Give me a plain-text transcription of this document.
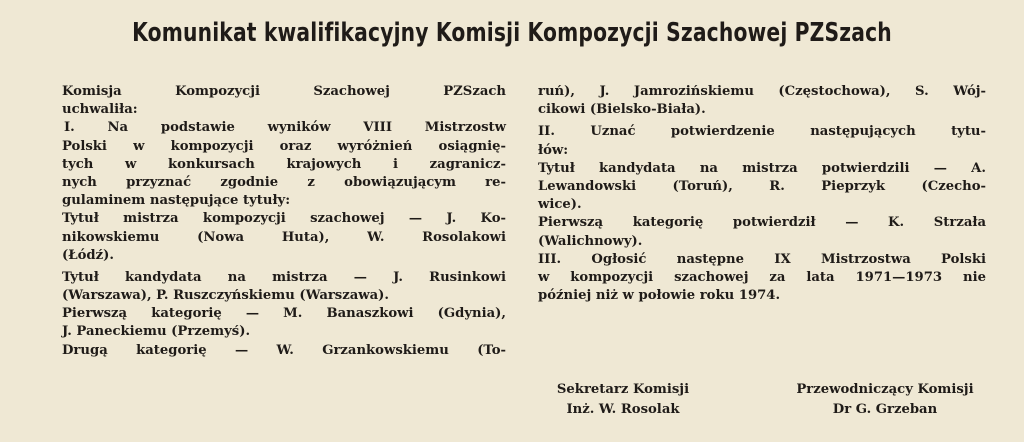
Komunikat kwalifikacyjny Komisji Kompozycji Szachowej PZSzach
Komisja Kompozycji Szachowej PZSzach
uchwaliła:
I. Na podstawie wyników VIII Mistrzostw
Polski w kompozycji oraz wyróżnień osiągnię-
tych w konkursach krajowych i zagranicz-
nych przyznać zgodnie z obowiązującym re-
gulaminem następujące tytuły:
Tytuł mistrza kompozycji szachowej — J. Ko-
nikowskiemu (Nowa Huta), W. Rosolakowi
(Łódź).
Tytuł kandydata na mistrza — J. Rusinkowi
(Warszawa), P. Ruszczyńskiemu (Warszawa).
Pierwszą kategorię — M. Banaszkowi (Gdynia),
J. Paneckiemu (Przemyś).
Drugą kategorię — W. Grzankowskiemu (To-
ruń), J. Jamrozińskiemu (Częstochowa), S. Wój-
cikowi (Bielsko-Biała).
II. Uznać potwierdzenie następujących tytu-
łów:
Tytuł kandydata na mistrza potwierdzili — A.
Lewandowski (Toruń), R. Pieprzyk (Czecho-
wice).
Pierwszą kategorię potwierdził — K. Strzała
(Walichnowy).
III. Ogłosić następne IX Mistrzostwa Polski
w kompozycji szachowej za lata 1971—1973 nie
później niż w połowie roku 1974.
Sekretarz Komisji
Inż. W. Rosolak
Przewodniczący Komisji
Dr G. Grzeban
